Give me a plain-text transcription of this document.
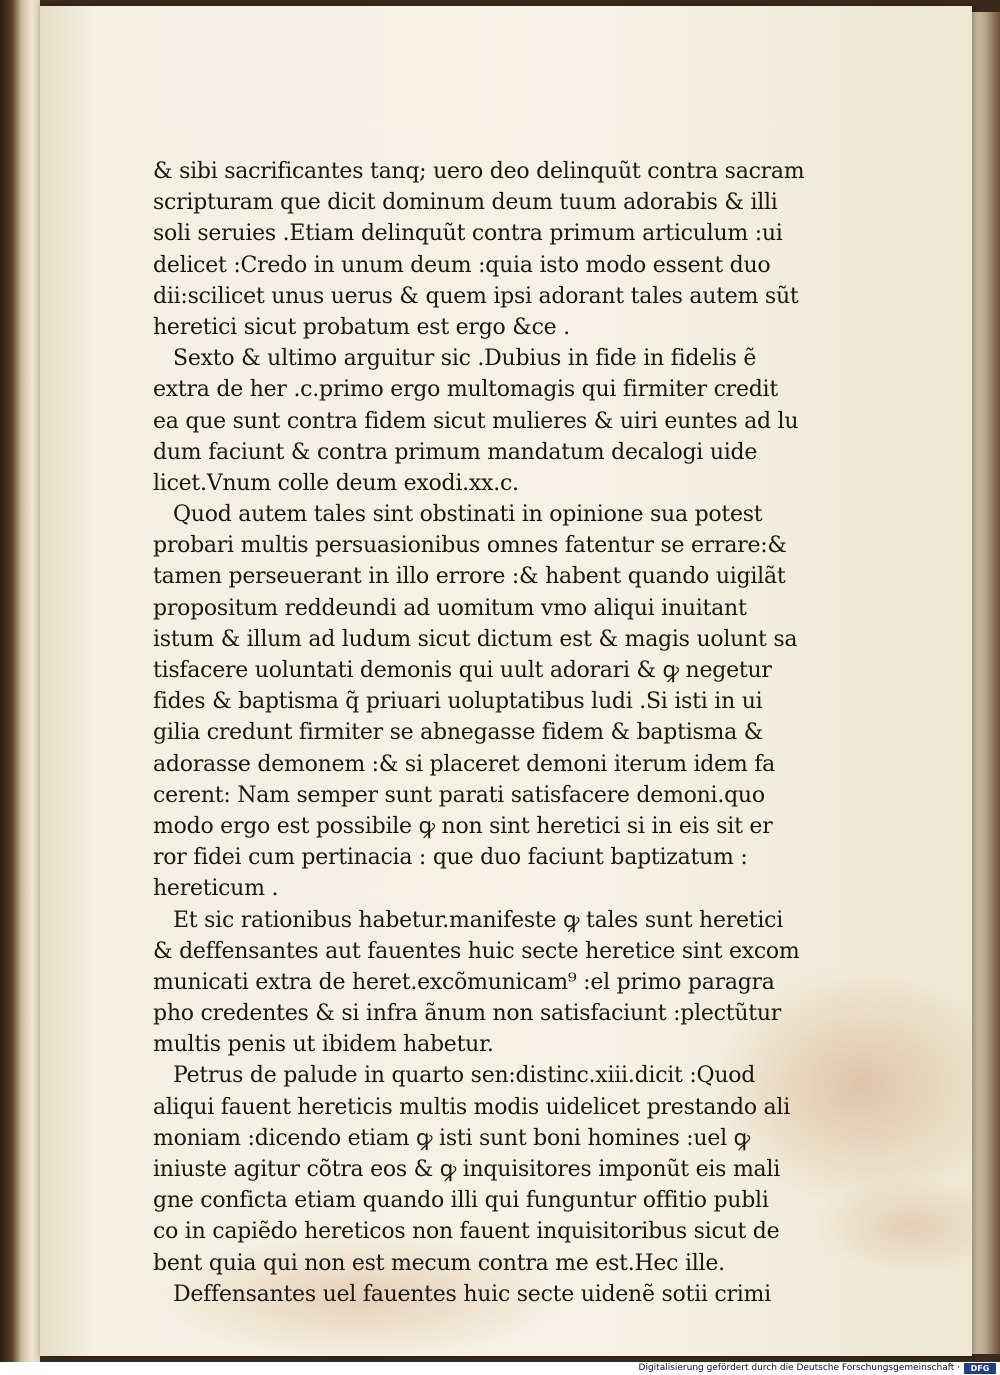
& sibi sacrificantes tanq; uero deo delinquũt contra sacram
scripturam que dicit dominum deum tuum adorabis & illi
soli seruies .Etiam delinquũt contra primum articulum :ui
delicet :Credo in unum deum :quia isto modo essent duo
dii:scilicet unus uerus & quem ipsi adorant tales autem sũt
heretici sicut probatum est ergo &ce .
Sexto & ultimo arguitur sic .Dubius in fide in fidelis ẽ
extra de her .c.primo ergo multomagis qui firmiter credit
ea que sunt contra fidem sicut mulieres & uiri euntes ad lu
dum faciunt & contra primum mandatum decalogi uide
licet.Vnum colle deum exodi.xx.c.
Quod autem tales sint obstinati in opinione sua potest
probari multis persuasionibus omnes fatentur se errare:&
tamen perseuerant in illo errore :& habent quando uigilãt
propositum reddeundi ad uomitum vmo aliqui inuitant
istum & illum ad ludum sicut dictum est & magis uolunt sa
tisfacere uoluntati demonis qui uult adorari & ꝙ negetur
fides & baptisma q̃ priuari uoluptatibus ludi .Si isti in ui
gilia credunt firmiter se abnegasse fidem & baptisma &
adorasse demonem :& si placeret demoni iterum idem fa
cerent: Nam semper sunt parati satisfacere demoni.quo
modo ergo est possibile ꝙ non sint heretici si in eis sit er
ror fidei cum pertinacia : que duo faciunt baptizatum :
hereticum .
Et sic rationibus habetur.manifeste ꝙ tales sunt heretici
& deffensantes aut fauentes huic secte heretice sint excom
municati extra de heret.excõmunicam⁹ :el primo paragra
pho credentes & si infra ãnum non satisfaciunt :plectũtur
multis penis ut ibidem habetur.
Petrus de palude in quarto sen:distinc.xiii.dicit :Quod
aliqui fauent hereticis multis modis uidelicet prestando ali
moniam :dicendo etiam ꝙ isti sunt boni homines :uel ꝙ
iniuste agitur cõtra eos & ꝙ inquisitores imponũt eis mali
gne conficta etiam quando illi qui funguntur offitio publi
co in capiẽdo hereticos non fauent inquisitoribus sicut de
bent quia qui non est mecum contra me est.Hec ille.
Deffensantes uel fauentes huic secte uidenẽ sotii crimi
Digitalisierung gefördert durch die Deutsche Forschungsgemeinschaft ·	DFG
